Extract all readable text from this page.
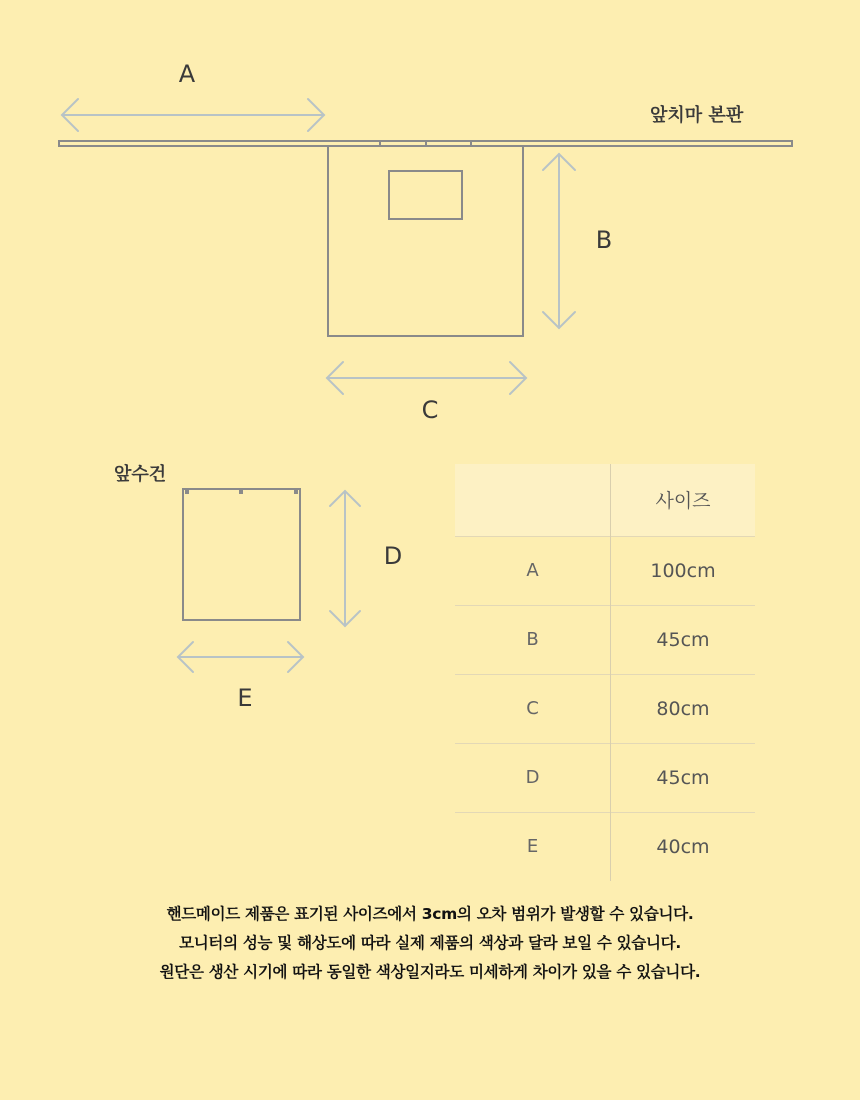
A
B
C
D
E
앞치마 본판
앞수건
	사이즈
A	100cm
B	45cm
C	80cm
D	45cm
E	40cm

핸드메이드 제품은 표기된 사이즈에서 3cm의 오차 범위가 발생할 수 있습니다.

모니터의 성능 및 해상도에 따라 실제 제품의 색상과 달라 보일 수 있습니다.

원단은 생산 시기에 따라 동일한 색상일지라도 미세하게 차이가 있을 수 있습니다.
